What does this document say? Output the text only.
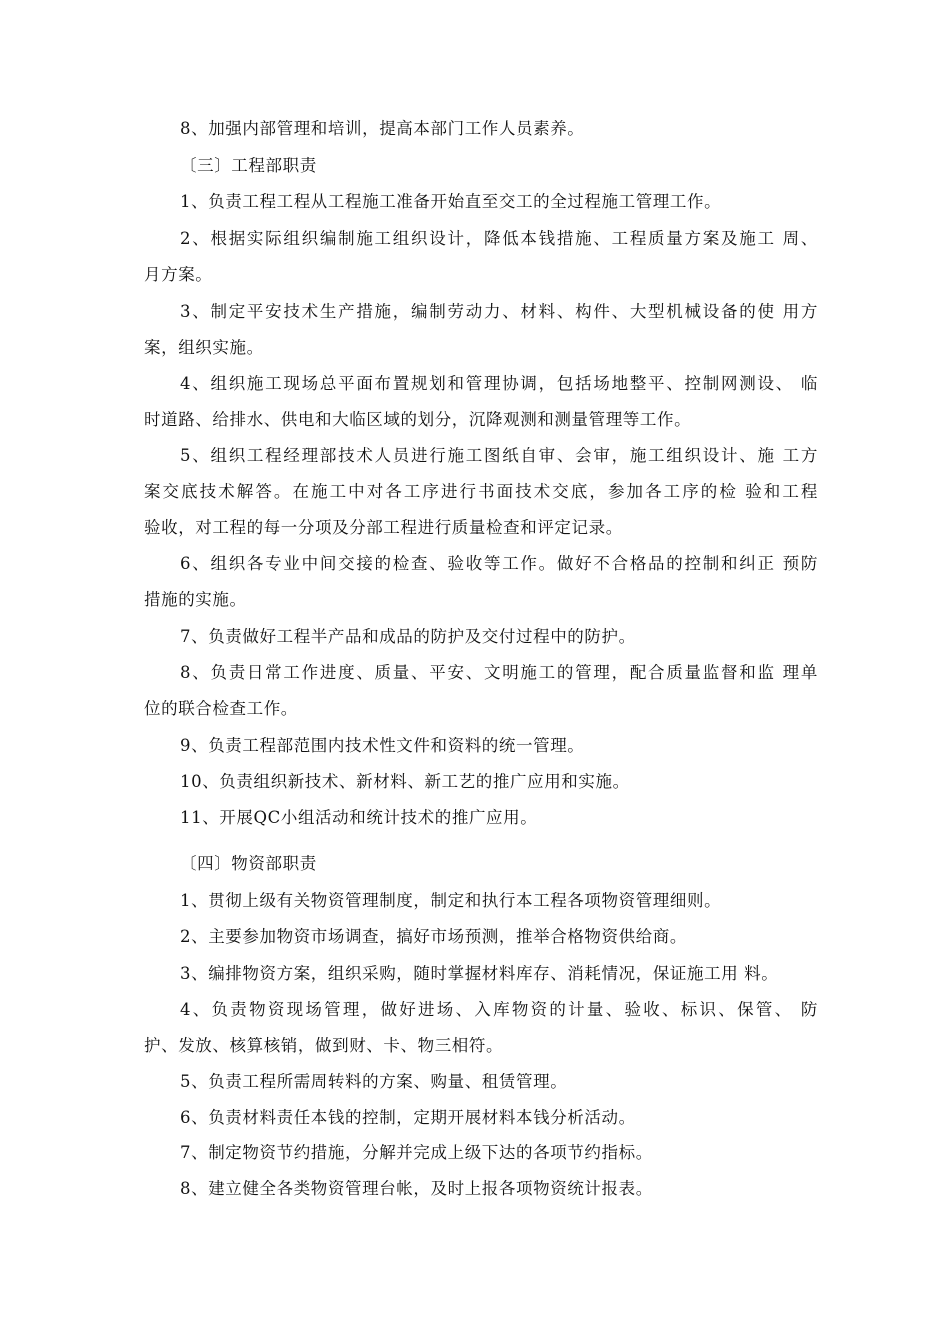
8、加强内部管理和培训，提高本部门工作人员素养。

〔三〕工程部职责

1、负责工程工程从工程施工准备开始直至交工的全过程施工管理工作。

2、根据实际组织编制施工组织设计，降低本钱措施、工程质量方案及施工 周、

月方案。

3、制定平安技术生产措施，编制劳动力、材料、构件、大型机械设备的使 用方

案，组织实施。

4、组织施工现场总平面布置规划和管理协调，包括场地整平、控制网测设、 临

时道路、给排水、供电和大临区域的划分，沉降观测和测量管理等工作。

5、组织工程经理部技术人员进行施工图纸自审、会审，施工组织设计、施 工方

案交底技术解答。在施工中对各工序进行书面技术交底，参加各工序的检 验和工程

验收，对工程的每一分项及分部工程进行质量检查和评定记录。

6、组织各专业中间交接的检查、验收等工作。做好不合格品的控制和纠正 预防

措施的实施。

7、负责做好工程半产品和成品的防护及交付过程中的防护。

8、负责日常工作进度、质量、平安、文明施工的管理，配合质量监督和监 理单

位的联合检查工作。

9、负责工程部范围内技术性文件和资料的统一管理。

10、负责组织新技术、新材料、新工艺的推广应用和实施。

11、开展QC小组活动和统计技术的推广应用。

〔四〕物资部职责

1、贯彻上级有关物资管理制度，制定和执行本工程各项物资管理细则。

2、主要参加物资市场调查，搞好市场预测，推举合格物资供给商。

3、编排物资方案，组织采购，随时掌握材料库存、消耗情况，保证施工用 料。

4、负责物资现场管理，做好进场、入库物资的计量、验收、标识、保管、 防

护、发放、核算核销，做到财、卡、物三相符。

5、负责工程所需周转料的方案、购量、租赁管理。

6、负责材料责任本钱的控制，定期开展材料本钱分析活动。

7、制定物资节约措施，分解并完成上级下达的各项节约指标。

8、建立健全各类物资管理台帐，及时上报各项物资统计报表。
